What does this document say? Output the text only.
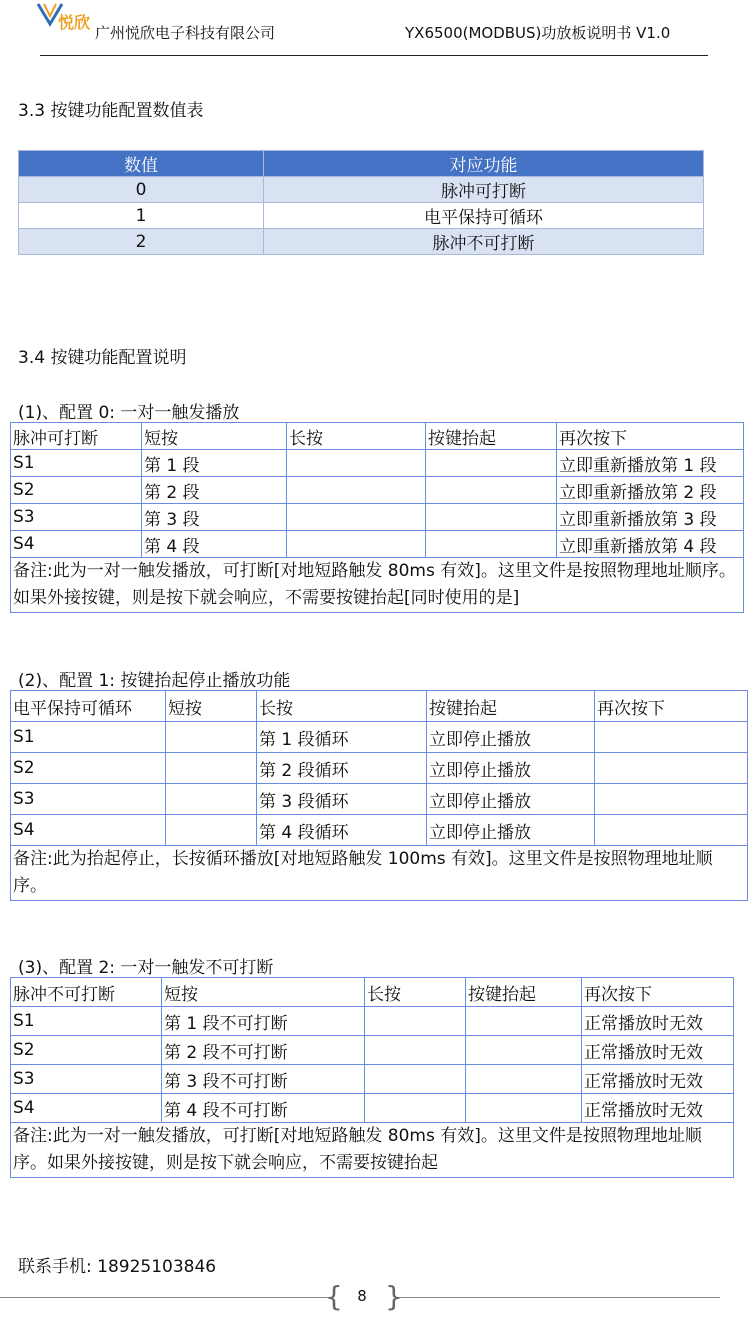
悦欣
广州悦欣电子科技有限公司	YX6500(MODBUS)功放板说明书 V1.0
3.3 按键功能配置数值表
数值	对应功能
0	脉冲可打断
1	电平保持可循环
2	脉冲不可打断
3.4 按键功能配置说明
(1)、配置 0: 一对一触发播放
脉冲可打断	短按	长按	按键抬起	再次按下
S1	第 1 段			立即重新播放第 1 段
S2	第 2 段			立即重新播放第 2 段
S3	第 3 段			立即重新播放第 3 段
S4	第 4 段			立即重新播放第 4 段
备注:此为一对一触发播放，可打断[对地短路触发 80ms 有效]。这里文件是按照物理地址顺序。如果外接按键，则是按下就会响应，不需要按键抬起[同时使用的是]				
(2)、配置 1: 按键抬起停止播放功能
电平保持可循环	短按	长按	按键抬起	再次按下
S1		第 1 段循环	立即停止播放	
S2		第 2 段循环	立即停止播放	
S3		第 3 段循环	立即停止播放	
S4		第 4 段循环	立即停止播放	
备注:此为抬起停止，长按循环播放[对地短路触发 100ms 有效]。这里文件是按照物理地址顺序。				
(3)、配置 2: 一对一触发不可打断
脉冲不可打断	短按	长按	按键抬起	再次按下
S1	第 1 段不可打断			正常播放时无效
S2	第 2 段不可打断			正常播放时无效
S3	第 3 段不可打断			正常播放时无效
S4	第 4 段不可打断			正常播放时无效
备注:此为一对一触发播放，可打断[对地短路触发 80ms 有效]。这里文件是按照物理地址顺序。如果外接按键，则是按下就会响应，不需要按键抬起				
联系手机: 18925103846
{ }
8
